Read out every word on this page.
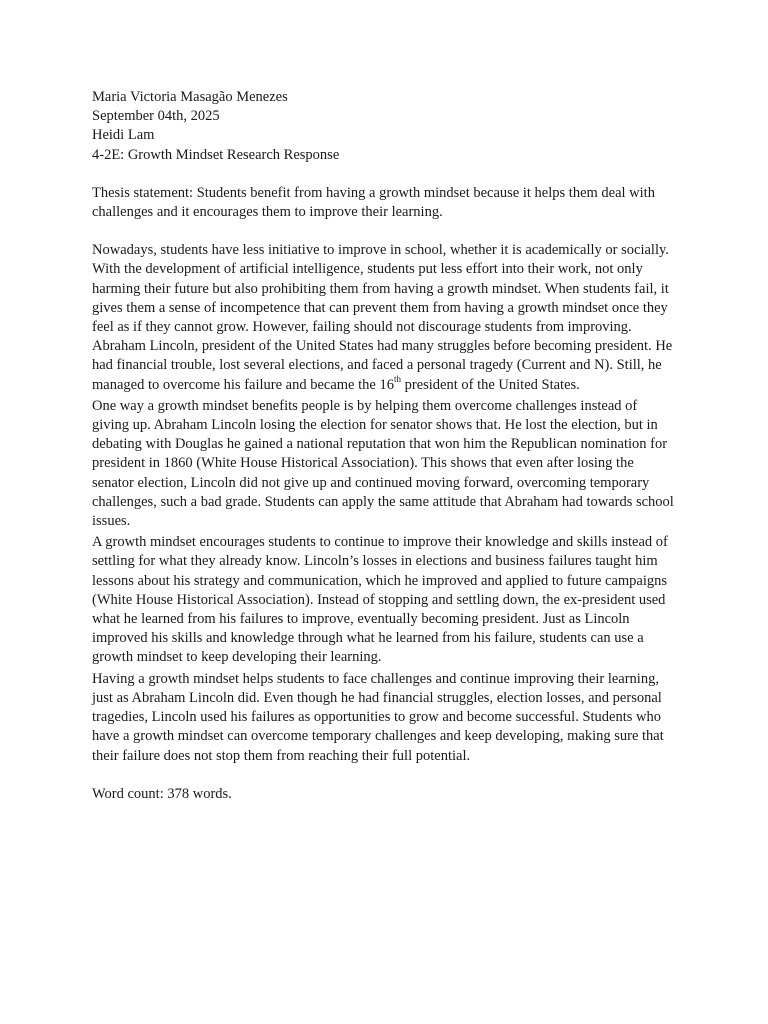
Maria Victoria Masagão Menezes

September 04th, 2025

Heidi Lam

4-2E: Growth Mindset Research Response

Thesis statement: Students benefit from having a growth mindset because it helps them deal with challenges and it encourages them to improve their learning.

Nowadays, students have less initiative to improve in school, whether it is academically or socially. With the development of artificial intelligence, students put less effort into their work, not only harming their future but also prohibiting them from having a growth mindset. When students fail, it gives them a sense of incompetence that can prevent them from having a growth mindset once they feel as if they cannot grow. However, failing should not discourage students from improving. Abraham Lincoln, president of the United States had many struggles before becoming president. He had financial trouble, lost several elections, and faced a personal tragedy (Current and N). Still, he managed to overcome his failure and became the 16th president of the United States.

One way a growth mindset benefits people is by helping them overcome challenges instead of giving up. Abraham Lincoln losing the election for senator shows that. He lost the election, but in debating with Douglas he gained a national reputation that won him the Republican nomination for president in 1860 (White House Historical Association). This shows that even after losing the senator election, Lincoln did not give up and continued moving forward, overcoming temporary challenges, such a bad grade. Students can apply the same attitude that Abraham had towards school issues.

A growth mindset encourages students to continue to improve their knowledge and skills instead of settling for what they already know. Lincoln’s losses in elections and business failures taught him lessons about his strategy and communication, which he improved and applied to future campaigns (White House Historical Association). Instead of stopping and settling down, the ex-president used what he learned from his failures to improve, eventually becoming president. Just as Lincoln improved his skills and knowledge through what he learned from his failure, students can use a growth mindset to keep developing their learning.

Having a growth mindset helps students to face challenges and continue improving their learning, just as Abraham Lincoln did. Even though he had financial struggles, election losses, and personal tragedies, Lincoln used his failures as opportunities to grow and become successful. Students who have a growth mindset can overcome temporary challenges and keep developing, making sure that their failure does not stop them from reaching their full potential.

Word count: 378 words.
